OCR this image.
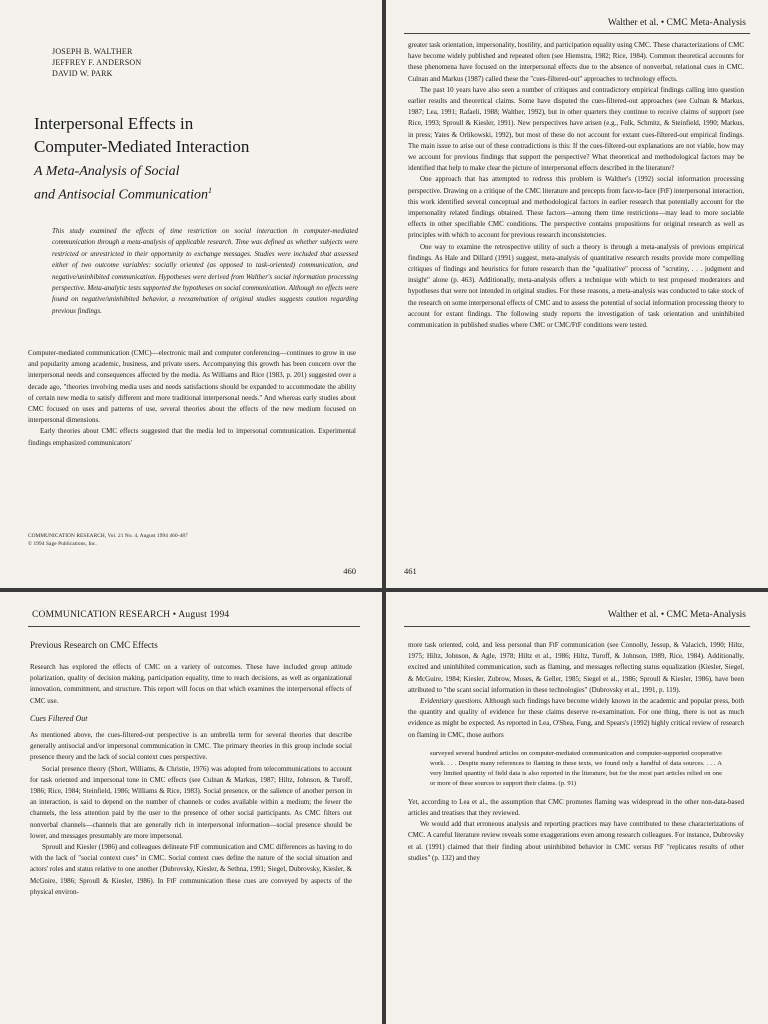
JOSEPH B. WALTHER
JEFFREY F. ANDERSON
DAVID W. PARK
Interpersonal Effects in
Computer-Mediated Interaction
A Meta-Analysis of Social
and Antisocial Communication$^1$
This study examined the effects of time restriction on social interaction in computer-mediated communication through a meta-analysis of applicable research. Time was defined as whether subjects were restricted or unrestricted in their opportunity to exchange messages. Studies were included that assessed either of two outcome variables: socially oriented (as opposed to task-oriented) communication, and negative/uninhibited communication. Hypotheses were derived from Walther's social information processing perspective. Meta-analytic tests supported the hypotheses on social communication. Although no effects were found on negative/uninhibited behavior, a reexamination of original studies suggests caution regarding previous findings.

Computer-mediated communication (CMC)—electronic mail and computer conferencing—continues to grow in use and popularity among academic, business, and private users. Accompanying this growth has been concern over the interpersonal needs and consequences affected by the media. As Williams and Rice (1983, p. 201) suggested over a decade ago, "theories involving media uses and needs satisfactions should be expanded to accommodate the ability of certain new media to satisfy different and more traditional interpersonal needs." And whereas early studies about CMC focused on uses and patterns of use, several theories about the effects of the new medium focused on interpersonal dimensions.

Early theories about CMC effects suggested that the media led to impersonal communication. Experimental findings emphasized communicators'

COMMUNICATION RESEARCH, Vol. 21 No. 4, August 1994 460-487
© 1994 Sage Publications, Inc.
460
Walther et al. • CMC Meta-Analysis

greater task orientation, impersonality, hostility, and participation equality using CMC. These characterizations of CMC have become widely published and repeated often (see Hiemstra, 1982; Rice, 1984). Common theoretical accounts for these phenomena have focused on the interpersonal effects due to the absence of nonverbal, relational cues in CMC. Culnan and Markus (1987) called these the "cues-filtered-out" approaches to technology effects.

The past 10 years have also seen a number of critiques and contradictory empirical findings calling into question earlier results and theoretical claims. Some have disputed the cues-filtered-out approaches (see Culnan & Markus, 1987; Lea, 1991; Rafaeli, 1988; Walther, 1992), but in other quarters they continue to receive claims of support (see Rice, 1993; Sproull & Kiesler, 1991). New perspectives have arisen (e.g., Fulk, Schmitz, & Steinfield, 1990; Markus, in press; Yates & Orlikowski, 1992), but most of these do not account for extant cues-filtered-out empirical findings. The main issue to arise out of these contradictions is this: If the cues-filtered-out explanations are not viable, how may we account for previous findings that support the perspective? What theoretical and methodological factors may be identified that help to make clear the picture of interpersonal effects described in the literature?

One approach that has attempted to redress this problem is Walther's (1992) social information processing perspective. Drawing on a critique of the CMC literature and precepts from face-to-face (FtF) interpersonal interaction, this work identified several conceptual and methodological factors in earlier research that potentially account for the impersonality related findings obtained. These factors—among them time restrictions—may lead to more sociable effects in other specifiable CMC conditions. The perspective contains propositions for original research as well as principles with which to account for previous research inconsistencies.

One way to examine the retrospective utility of such a theory is through a meta-analysis of previous empirical findings. As Hale and Dillard (1991) suggest, meta-analysis of quantitative research results provide more compelling critiques of findings and heuristics for future research than the "qualitative" process of "scrutiny, . . . judgment and insight" alone (p. 463). Additionally, meta-analysis offers a technique with which to test proposed moderators and hypotheses that were not intended in original studies. For these reasons, a meta-analysis was conducted to take stock of the research on some interpersonal effects of CMC and to assess the potential of social information processing theory to account for extant findings. The following study reports the investigation of task orientation and uninhibited communication in published studies where CMC or CMC/FtF conditions were tested.

461
COMMUNICATION RESEARCH • August 1994
Previous Research on CMC Effects

Research has explored the effects of CMC on a variety of outcomes. These have included group attitude polarization, quality of decision making, participation equality, time to reach decisions, as well as organizational innovation, commitment, and structure. This report will focus on that which examines the interpersonal effects of CMC use.

Cues Filtered Out

As mentioned above, the cues-filtered-out perspective is an umbrella term for several theories that describe generally antisocial and/or impersonal communication in CMC. The primary theories in this group include social presence theory and the lack of social context cues perspective.

Social presence theory (Short, Williams, & Christie, 1976) was adopted from telecommunications to account for task oriented and impersonal tone in CMC effects (see Culnan & Markus, 1987; Hiltz, Johnson, & Turoff, 1986; Rice, 1984; Steinfield, 1986; Williams & Rice, 1983). Social presence, or the salience of another person in an interaction, is said to depend on the number of channels or codes available within a medium; the fewer the channels, the less attention paid by the user to the presence of other social participants. As CMC filters out nonverbal channels—channels that are generally rich in interpersonal information—social presence should be lower, and messages presumably are more impersonal.

Sproull and Kiesler (1986) and colleagues delineate FtF communication and CMC differences as having to do with the lack of "social context cues" in CMC. Social context cues define the nature of the social situation and actors' roles and status relative to one another (Dubrovsky, Kiesler, & Sethna, 1991; Siegel, Dubrovsky, Kiesler, & McGuire, 1986; Sproull & Kiesler, 1986). In FtF communication these cues are conveyed by aspects of the physical environ-

Walther et al. • CMC Meta-Analysis

more task oriented, cold, and less personal than FtF communication (see Connolly, Jessup, & Valacich, 1990; Hiltz, 1975; Hiltz, Johnson, & Agle, 1978; Hiltz et al., 1986; Hiltz, Turoff, & Johnson, 1989, Rice, 1984). Additionally, excited and uninhibited communication, such as flaming, and messages reflecting status equalization (Kiesler, Siegel, & McGuire, 1984; Kiesler, Zubrow, Moses, & Geller, 1985; Siegel et al., 1986; Sproull & Kiesler, 1986), have been attributed to "the scant social information in these technologies" (Dubrovsky et al., 1991, p. 119).

Evidentiary questions. Although such findings have become widely known in the academic and popular press, both the quantity and quality of evidence for these claims deserve re-examination. For one thing, there is not as much evidence as might be expected. As reported in Lea, O'Shea, Fung, and Spears's (1992) highly critical review of research on flaming in CMC, those authors

surveyed several hundred articles on computer-mediated communication and computer-supported cooperative work. . . . Despite many references to flaming in these texts, we found only a handful of data sources. . . . A very limited quantity of field data is also reported in the literature, but for the most part articles relied on one or more of these sources to support their claims. (p. 91)

Yet, according to Lea et al., the assumption that CMC promotes flaming was widespread in the other non-data-based articles and treatises that they reviewed.

We would add that erroneous analysis and reporting practices may have contributed to these characterizations of CMC. A careful literature review reveals some exaggerations even among research colleagues. For instance, Dubrovsky et al. (1991) claimed that their finding about uninhibited behavior in CMC versus FtF "replicates results of other studies" (p. 132) and they
